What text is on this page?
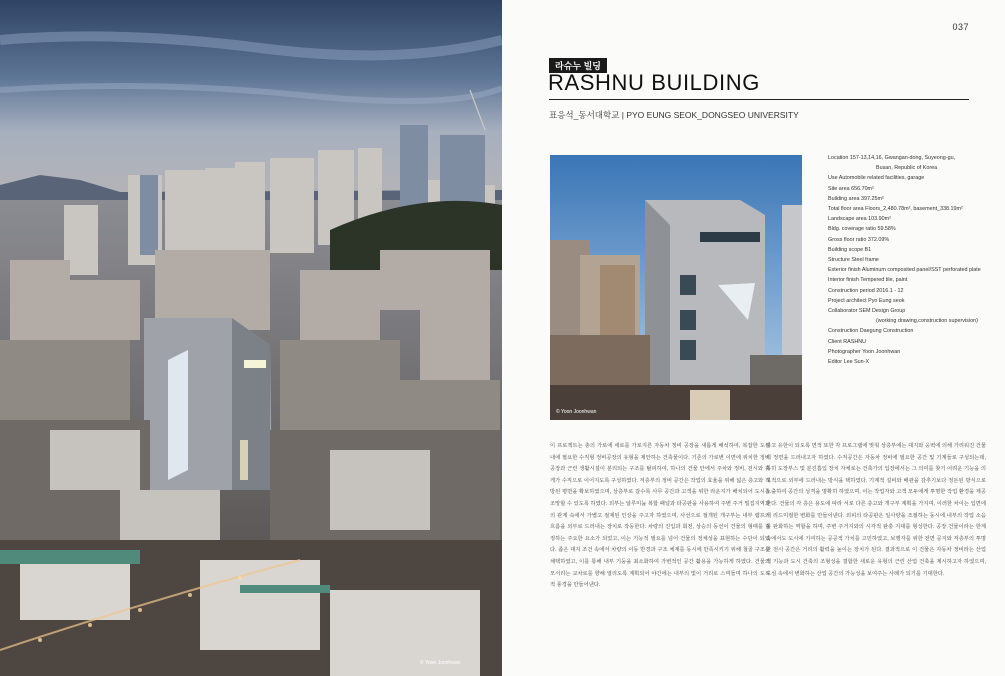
© Yoon Joonhwan
037
라슈누 빌딩
RASHNU BUILDING
표응석_동서대학교 | PYO EUNG SEOK_DONGSEO UNIVERSITY
© Yoon Joonhwan
Location 157-13,14,16, Gwangan-dong, Suyeong-gu,
Busan, Republic of Korea
Use Automobile related facilities, garage
Site area 656.70m²
Building area 397.25m²
Total floor area Floors_2,480.78m², basement_338.19m²
Landscape area 103.90m²
Bldg. coverage ratio 59.58%
Gross floor ratio 372.09%
Building scope B1
Structure Steel frame
Exterior finish Aluminum composited panel/SST perforated plate
Interior finish Tempered tile, paint
Construction period 2016.1 - 12
Project architect Pyo Eung seok
Collaborator SEM Design Group
(working drawing,construction supervision)
Construction Daegung Construction
Client RASHNU
Photographer Yoon Joonhwan
Editor Lee Sun-X
이 프로젝트는 총의 가로에 세로를 가로지른 자동차 정비 공장을 새롭게 해석하여, 복잡한 도심 내에 필요한 수직형 정비공장의 유형을 제안하는 건축물이다. 기존의 가로변 이면에 위치한 정비 공장과 근린 생활시설이 분리되는 구조를 탈피하여, 하나의 건물 안에서 주차와 정비, 전시와 휴게가 수직으로 이어지도록 구성하였다. 저층부의 정비 공간은 작업의 효율을 위해 넓은 층고와 개방된 평면을 확보하였으며, 상층부로 갈수록 사무 공간과 고객을 위한 라운지가 배치되어 도시를 조망할 수 있도록 하였다. 외부는 알루미늄 복합 패널과 타공판을 사용하여 주변 주거 밀집지역과의 관계 속에서 가볍고 절제된 인상을 주고자 하였으며, 사선으로 절개된 개구부는 내부 램프의 흐름을 외부로 드러내는 장치로 작동한다. 차량의 진입과 회전, 상승의 동선이 건물의 형태를 결정하는 주요한 요소가 되었고, 이는 기능적 필요를 넘어 건물의 정체성을 표현하는 수단이 되었다. 좁은 대지 조건 속에서 차량의 이동 반경과 구조 체계를 동시에 만족시키기 위해 철골 구조를 채택하였고, 이를 통해 내부 기둥을 최소화하여 가변적인 공간 활용을 가능하게 하였다. 건물의 모서리는 교차로를 향해 열리도록 계획되어 야간에는 내부의 빛이 거리로 스며들며 하나의 도시적 풍경을 만들어낸다.
하고 유한이 되도록 면적 또한 각 프로그램에 맞춰 상층부에는 대지와 옹벽에 의해 가리워진 건물의 정면을 드러내고자 하였다. 수직공간은 자동차 정비에 필요한 공간 및 기계들로 구성되는데, 특히 도장부스 및 분진흡입 장치 자체로는 건축가의 입장에서는 그 의미를 찾기 어려운 기능을 의도적으로 외부에 드러내는 방식을 택하였다. 기계적 설비와 배관을 감추기보다 정돈된 방식으로 노출하여 공간의 성격을 명확히 하였으며, 이는 작업자와 고객 모두에게 투명한 작업 환경을 제공한다. 건물의 각 층은 용도에 따라 서로 다른 층고와 개구부 계획을 가지며, 이러한 차이는 입면에서 리드미컬한 변화를 만들어낸다. 외피의 타공판은 일사량을 조절하는 동시에 내부의 작업 소음을 완화하는 역할을 하며, 주변 주거지와의 시각적 완충 지대를 형성한다. 공장 건물이라는 한계 속에서도 도시에 기여하는 공공적 가치를 고민하였고, 보행자를 위한 전면 공지와 저층부의 투명한 전시 공간은 거리의 활력을 높이는 장치가 된다. 결과적으로 이 건물은 자동차 정비라는 산업적 기능과 도시 건축의 조형성을 결합한 새로운 유형의 근린 산업 건축을 제시하고자 하였으며, 도심 속에서 변화하는 산업 공간의 가능성을 보여주는 사례가 되기를 기대한다.
